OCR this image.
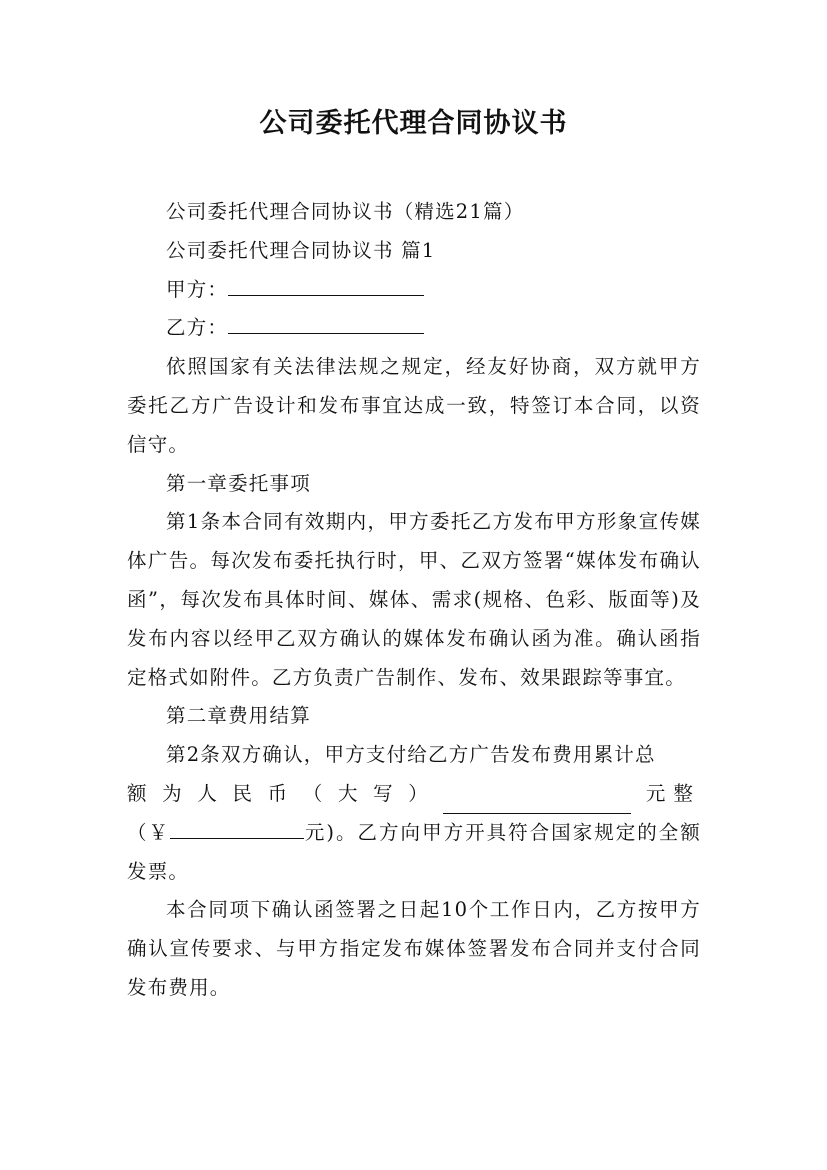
公司委托代理合同协议书

公司委托代理合同协议书（精选21篇）

公司委托代理合同协议书 篇1

甲方：

乙方：

依照国家有关法律法规之规定，经友好协商，双方就甲方委托乙方广告设计和发布事宜达成一致，特签订本合同，以资信守。

第一章委托事项

第1条本合同有效期内，甲方委托乙方发布甲方形象宣传媒体广告。每次发布委托执行时，甲、乙双方签署“媒体发布确认函”，每次发布具体时间、媒体、需求(规格、色彩、版面等)及发布内容以经甲乙双方确认的媒体发布确认函为准。确认函指定格式如附件。乙方负责广告制作、发布、效果跟踪等事宜。

第二章费用结算

第2条双方确认，甲方支付给乙方广告发布费用累计总

额 为 人 民 币 （ 大 写 ）	元整

（￥	元)。乙方向甲方开具符合国家规定的全额发票。

本合同项下确认函签署之日起10个工作日内，乙方按甲方确认宣传要求、与甲方指定发布媒体签署发布合同并支付合同发布费用。
